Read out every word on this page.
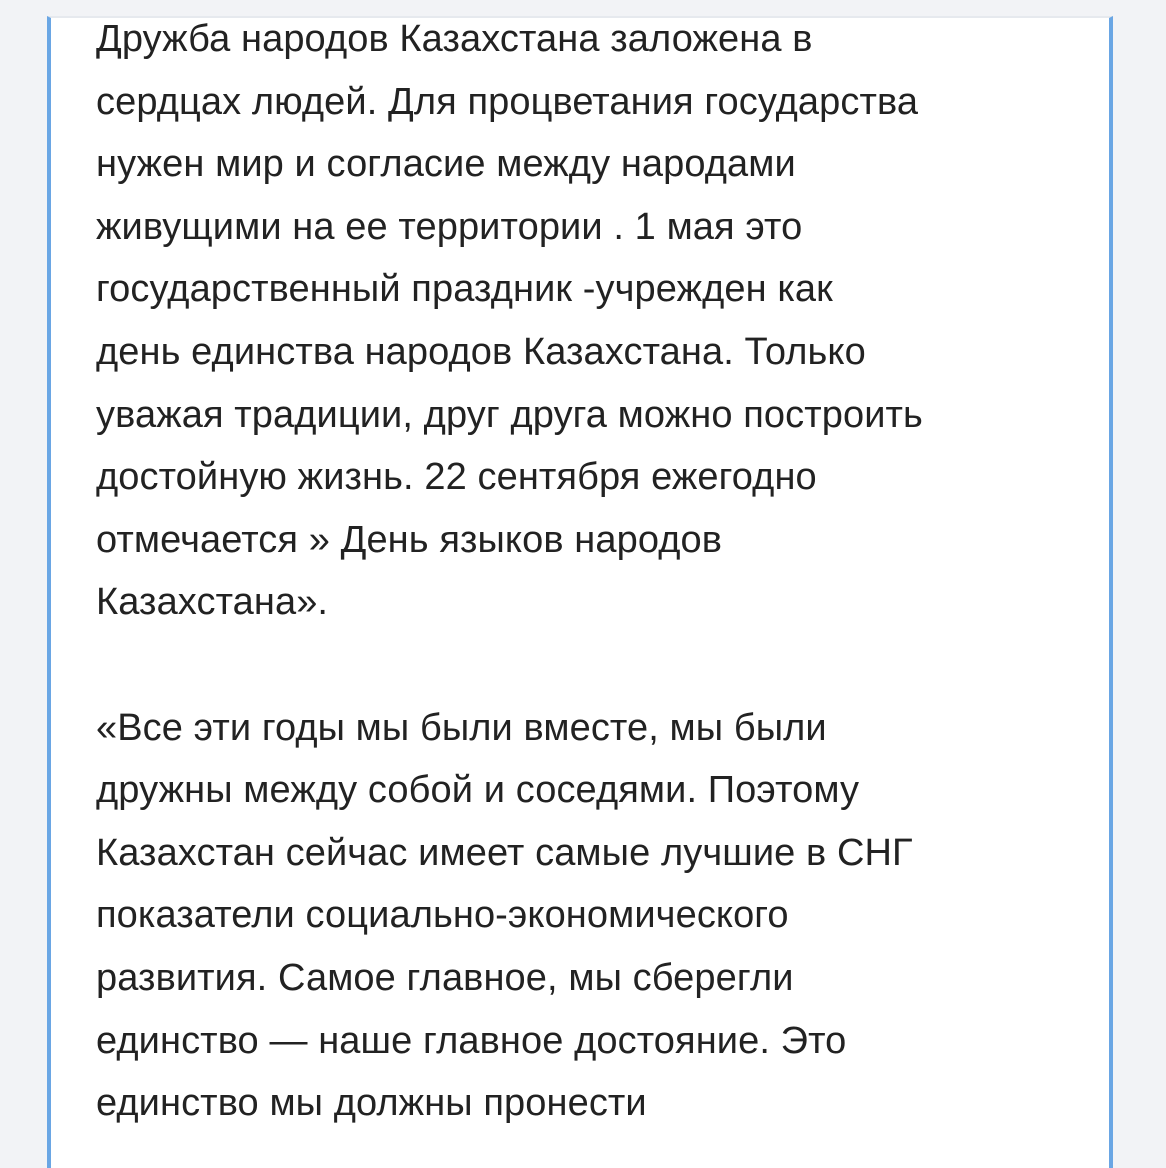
Дружба народов Казахстана заложена в
сердцах людей. Для процветания государства
нужен мир и согласие между народами
живущими на ее территории . 1 мая это
государственный праздник -учрежден как
день единства народов Казахстана. Только
уважая традиции, друг друга можно построить
достойную жизнь. 22 сентября ежегодно
отмечается » День языков народов
Казахстана».

«Все эти годы мы были вместе, мы были
дружны между собой и соседями. Поэтому
Казахстан сейчас имеет самые лучшие в СНГ
показатели социально-экономического
развития. Самое главное, мы сберегли
единство — наше главное достояние. Это
единство мы должны пронести
